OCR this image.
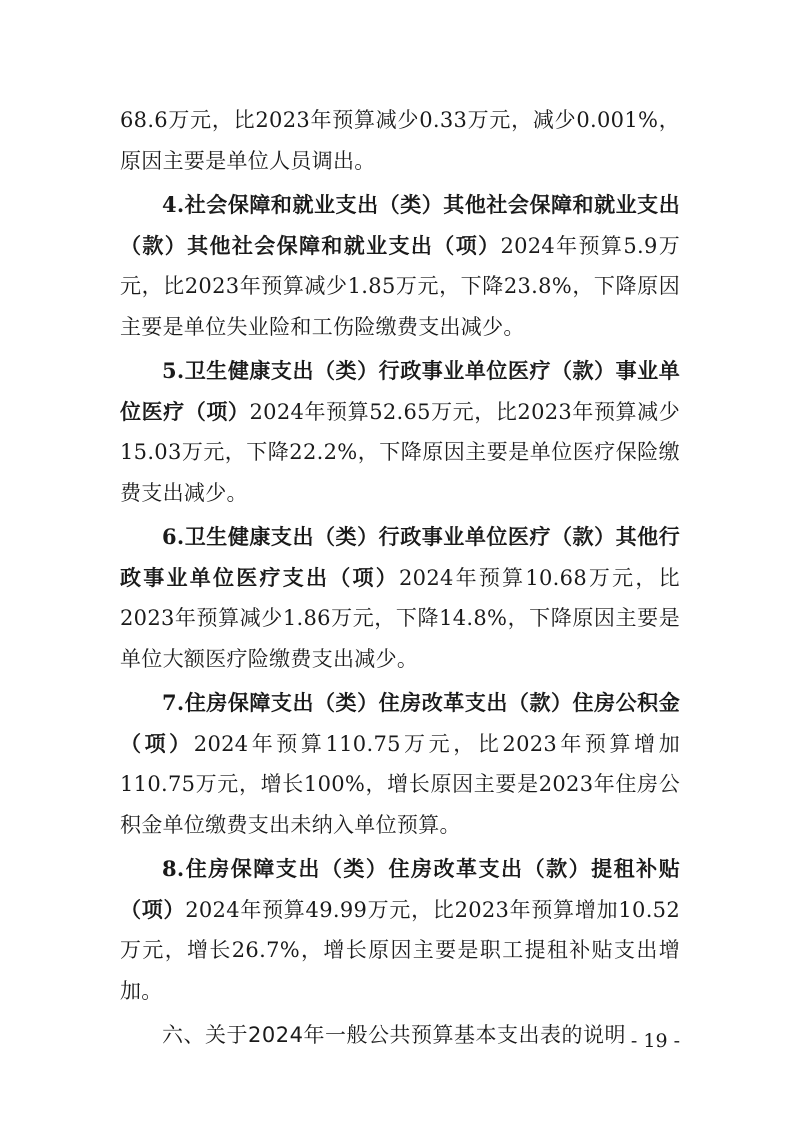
68.6万元，比2023年预算减少0.33万元，减少0.001%，原因主要是单位人员调出。

4.社会保障和就业支出（类）其他社会保障和就业支出（款）其他社会保障和就业支出（项）2024年预算5.9万元，比2023年预算减少1.85万元，下降23.8%，下降原因主要是单位失业险和工伤险缴费支出减少。

5.卫生健康支出（类）行政事业单位医疗（款）事业单位医疗（项）2024年预算52.65万元，比2023年预算减少15.03万元，下降22.2%，下降原因主要是单位医疗保险缴费支出减少。

6.卫生健康支出（类）行政事业单位医疗（款）其他行政事业单位医疗支出（项）2024年预算10.68万元，比2023年预算减少1.86万元，下降14.8%，下降原因主要是单位大额医疗险缴费支出减少。

7.住房保障支出（类）住房改革支出（款）住房公积金（项）2024年预算110.75万元，比2023年预算增加110.75万元，增长100%，增长原因主要是2023年住房公积金单位缴费支出未纳入单位预算。

8.住房保障支出（类）住房改革支出（款）提租补贴（项）2024年预算49.99万元，比2023年预算增加10.52万元，增长26.7%，增长原因主要是职工提租补贴支出增加。

六、关于2024年一般公共预算基本支出表的说明 - 19 -
